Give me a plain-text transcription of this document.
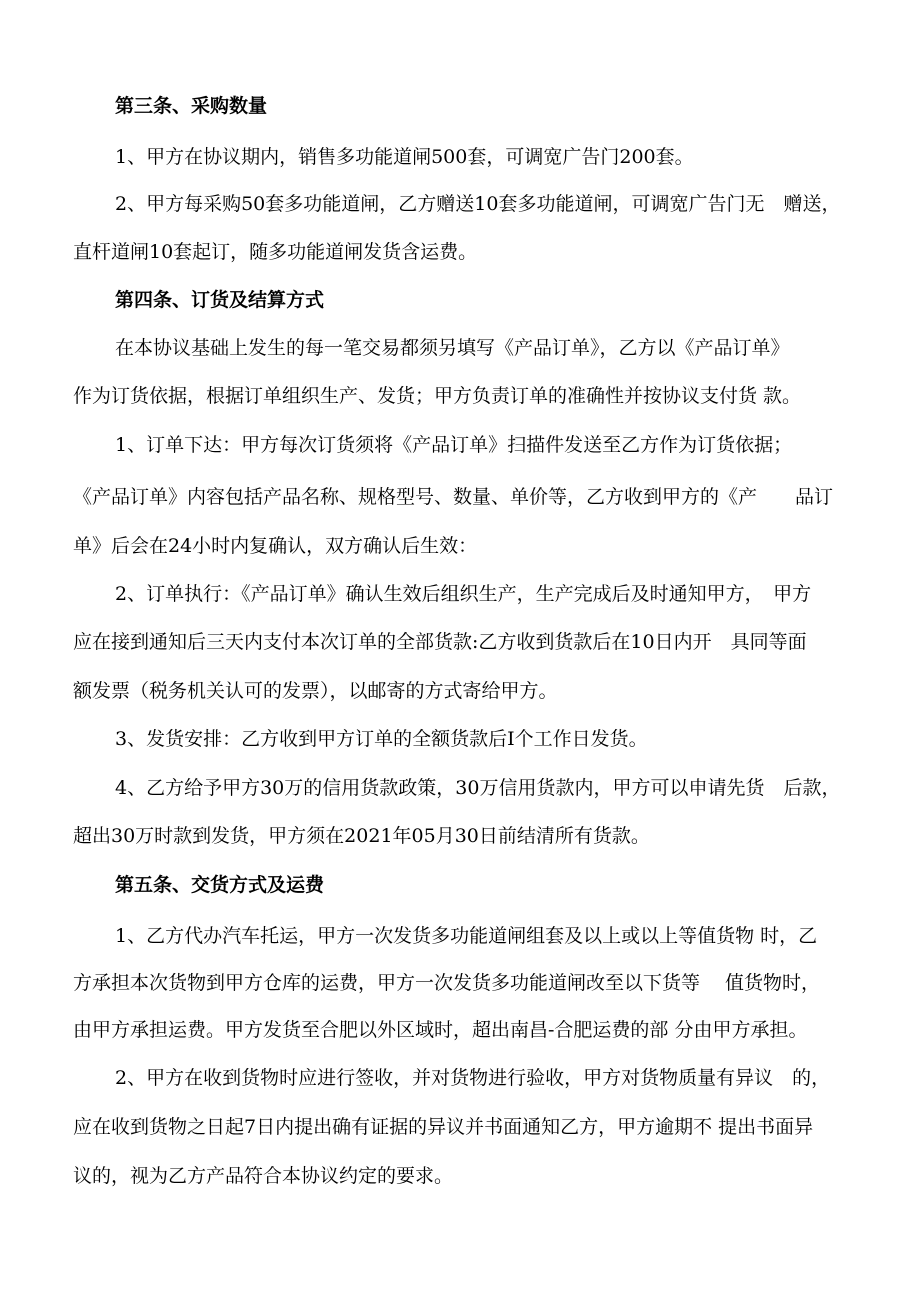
第三条、采购数量
1、甲方在协议期内，销售多功能道闸500套，可调宽广告门200套。
2、甲方每采购50套多功能道闸，乙方赠送10套多功能道闸，可调宽广告门无　赠送，
直杆道闸10套起订，随多功能道闸发货含运费。
第四条、订货及结算方式
在本协议基础上发生的每一笔交易都须另填写《产品订单》，乙方以《产品订单》
作为订货依据，根据订单组织生产、发货；甲方负责订单的准确性并按协议支付货 款。
1、订单下达：甲方每次订货须将《产品订单》扫描件发送至乙方作为订货依据；
《产品订单》内容包括产品名称、规格型号、数量、单价等，乙方收到甲方的《产　　品订
单》后会在24小时内复确认，双方确认后生效：
2、订单执行：《产品订单》确认生效后组织生产，生产完成后及时通知甲方，　甲方
应在接到通知后三天内支付本次订单的全部货款:乙方收到货款后在10日内开　具同等面
额发票（税务机关认可的发票），以邮寄的方式寄给甲方。
3、发货安排：乙方收到甲方订单的全额货款后I个工作日发货。
4、乙方给予甲方30万的信用货款政策，30万信用货款内，甲方可以申请先货　后款，
超出30万时款到发货，甲方须在2021年05月30日前结清所有货款。
第五条、交货方式及运费
1、乙方代办汽车托运，甲方一次发货多功能道闸组套及以上或以上等值货物 时，乙
方承担本次货物到甲方仓库的运费，甲方一次发货多功能道闸改至以下货等　 值货物时，
由甲方承担运费。甲方发货至合肥以外区域时，超出南昌-合肥运费的部 分由甲方承担。
2、甲方在收到货物时应进行签收，并对货物进行验收，甲方对货物质量有异议　的，
应在收到货物之日起7日内提出确有证据的异议并书面通知乙方，甲方逾期不 提出书面异
议的，视为乙方产品符合本协议约定的要求。
